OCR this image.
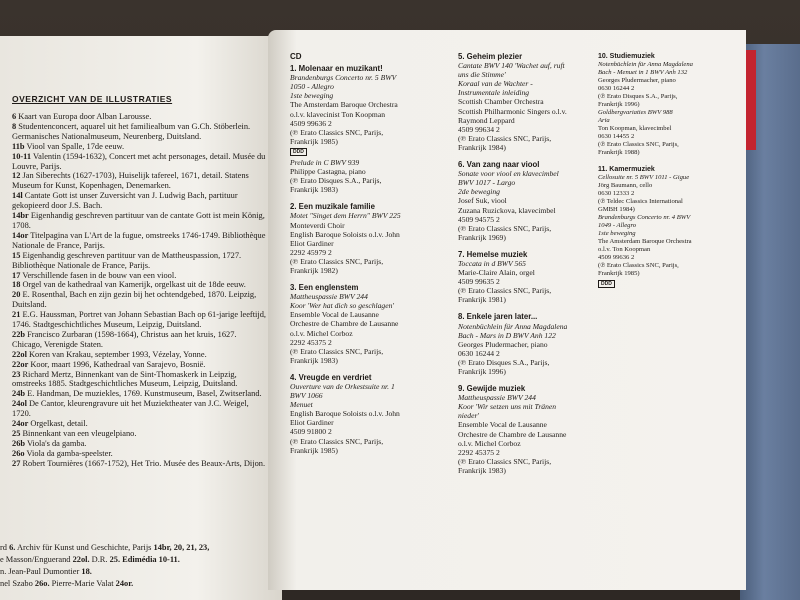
OVERZICHT VAN DE ILLUSTRATIES

6 Kaart van Europa door Alban Larousse.

8 Studentenconcert, aquarel uit het familiealbum van G.Ch. Stöberlein. Germanisches Nationalmuseum, Neurenberg, Duitsland.

11b Viool van Spalle, 17de eeuw.

10-11 Valentin (1594-1632), Concert met acht personages, detail. Musée du Louvre, Parijs.

12 Jan Siberechts (1627-1703), Huiselijk tafereel, 1671, detail. Statens Museum for Kunst, Kopenhagen, Denemarken.

14l Cantate Gott ist unser Zuversicht van J. Ludwig Bach, partituur gekopieerd door J.S. Bach.

14br Eigenhandig geschreven partituur van de cantate Gott ist mein König, 1708.

14or Titelpagina van L'Art de la fugue, omstreeks 1746-1749. Bibliothèque Nationale de France, Parijs.

15 Eigenhandig geschreven partituur van de Mattheuspassion, 1727. Bibliothèque Nationale de France, Parijs.

17 Verschillende fasen in de bouw van een viool.

18 Orgel van de kathedraal van Kamerijk, orgelkast uit de 18de eeuw.

20 E. Rosenthal, Bach en zijn gezin bij het ochtendgebed, 1870. Leipzig, Duitsland.

21 E.G. Haussman, Portret van Johann Sebastian Bach op 61-jarige leeftijd, 1746. Stadtgeschichtliches Museum, Leipzig, Duitsland.

22b Francisco Zurbaran (1598-1664), Christus aan het kruis, 1627. Chicago, Verenigde Staten.

22ol Koren van Krakau, september 1993, Vézelay, Yonne.

22or Koor, maart 1996, Kathedraal van Sarajevo, Bosnië.

23 Richard Mertz, Binnenkant van de Sint-Thomaskerk in Leipzig, omstreeks 1885. Stadtgeschichtliches Museum, Leipzig, Duitsland.

24b E. Handman, De muziekles, 1769. Kunstmuseum, Basel, Zwitserland.

24ol De Cantor, kleurengravure uit het Muziektheater van J.C. Weigel, 1720.

24or Orgelkast, detail.

25 Binnenkant van een vleugelpiano.

26b Viola's da gamba.

26o Viola da gamba-speelster.

27 Robert Tournières (1667-1752), Het Trio. Musée des Beaux-Arts, Dijon.

rd 6. Archiv für Kunst und Geschichte, Parijs 14br, 20, 21, 23,
e Masson/Enguerand 22ol. D.R. 25. Edimédia 10-11.
n. Jean-Paul Dumontier 18.
nel Szabo 26o. Pierre-Marie Valat 24or.

CD

1. Molenaar en muzikant!

Brandenburgs Concerto nr. 5 BWV

1050 - Allegro

1ste beweging

The Amsterdam Baroque Orchestra

o.l.v. klavecinist Ton Koopman

4509 99636 2

(℗ Erato Classics SNC, Parijs,

Frankrijk 1985)

DDD

Prelude in C BWV 939

Philippe Castagna, piano

(℗ Erato Disques S.A., Parijs,

Frankrijk 1983)

2. Een muzikale familie

Motet "Singet dem Herrn" BWV 225

Monteverdi Choir

English Baroque Soloists o.l.v. John

Eliot Gardiner

2292 45979 2

(℗ Erato Classics SNC, Parijs,

Frankrijk 1982)

3. Een englenstem

Mattheuspassie BWV 244

Koor 'Wer hat dich so geschlagen'

Ensemble Vocal de Lausanne

Orchestre de Chambre de Lausanne

o.l.v. Michel Corboz

2292 45375 2

(℗ Erato Classics SNC, Parijs,

Frankrijk 1983)

4. Vreugde en verdriet

Ouverture van de Orkestsuite nr. 1

BWV 1066

Menuet

English Baroque Soloists o.l.v. John

Eliot Gardiner

4509 91800 2

(℗ Erato Classics SNC, Parijs,

Frankrijk 1985)

5. Geheim plezier

Cantate BWV 140 'Wachet auf, ruft

uns die Stimme'

Koraal van de Wachter -

Instrumentale inleiding

Scottish Chamber Orchestra

Scottish Philharmonic Singers o.l.v.

Raymond Leppard

4509 99634 2

(℗ Erato Classics SNC, Parijs,

Frankrijk 1984)

6. Van zang naar viool

Sonate voor viool en klavecimbel

BWV 1017 - Largo

2de beweging

Josef Suk, viool

Zuzana Ruzickova, klavecimbel

4509 94575 2

(℗ Erato Classics SNC, Parijs,

Frankrijk 1969)

7. Hemelse muziek

Toccata in d BWV 565

Marie-Claire Alain, orgel

4509 99635 2

(℗ Erato Classics SNC, Parijs,

Frankrijk 1981)

8. Enkele jaren later...

Notenbüchlein für Anna Magdalena

Bach - Mars in D BWV Anh 122

Georges Pludermacher, piano

0630 16244 2

(℗ Erato Disques S.A., Parijs,

Frankrijk 1996)

9. Gewijde muziek

Mattheuspassie BWV 244

Koor 'Wir setzen uns mit Tränen

nieder'

Ensemble Vocal de Lausanne

Orchestre de Chambre de Lausanne

o.l.v. Michel Corboz

2292 45375 2

(℗ Erato Classics SNC, Parijs,

Frankrijk 1983)

10. Studiemuziek

Notenbüchlein für Anna Magdalena

Bach - Menuet in 1 BWV Anh 132

Georges Pludermacher, piano

0630 16244 2

(℗ Erato Disques S.A., Parijs,

Frankrijk 1996)

Goldbergvariaties BWV 988

Aria

Ton Koopman, klavecimbel

0630 14455 2

(℗ Erato Classics SNC, Parijs,

Frankrijk 1988)

11. Kamermuziek

Cellosuite nr. 5 BWV 1011 - Gigue

Jörg Baumann, cello

0630 12333 2

(℗ Teldec Classics International

GMBH 1984)

Brandenburgs Concerto nr. 4 BWV

1049 - Allegro

1ste beweging

The Amsterdam Baroque Orchestra

o.l.v. Ton Koopman

4509 99636 2

(℗ Erato Classics SNC, Parijs,

Frankrijk 1985)

DDD
